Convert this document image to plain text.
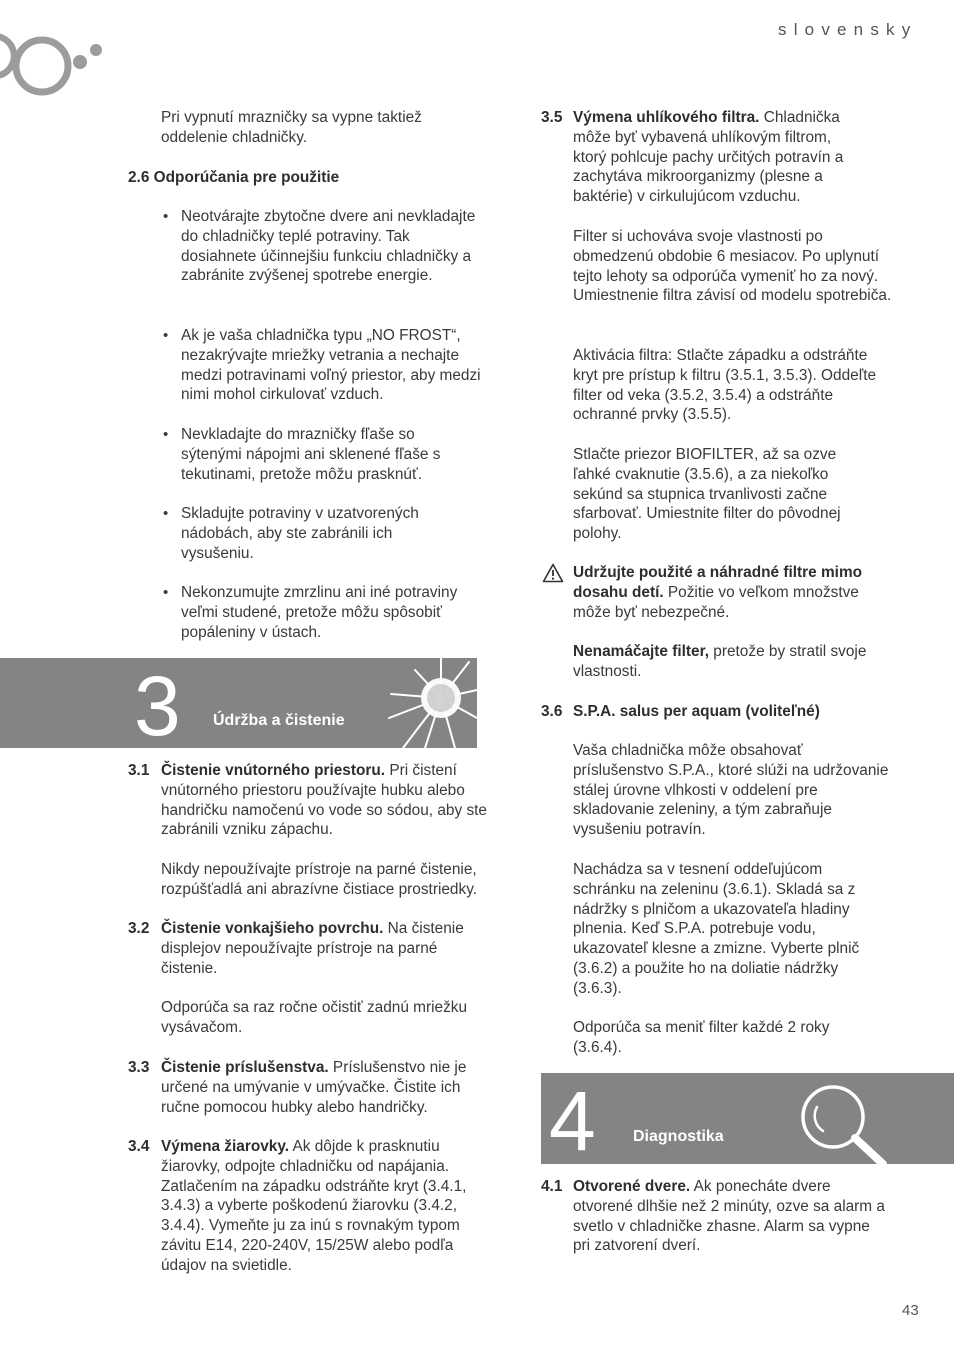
slovensky
Pri vypnutí mrazničky sa vypne taktiež oddelenie chladničky.
2.6 Odporúčania pre použitie
• Neotvárajte zbytočne dvere ani nevkladajte do chladničky teplé potraviny. Tak dosiahnete účinnejšiu funkciu chladničky a zabránite zvýšenej spotrebe energie.
• Ak je vaša chladnička typu „NO FROST“, nezakrývajte mriežky vetrania a nechajte medzi potravinami voľný priestor, aby medzi nimi mohol cirkulovať vzduch.
• Nevkladajte do mrazničky fľaše so sýtenými nápojmi ani sklenené fľaše s tekutinami, pretože môžu prasknúť.
• Skladujte potraviny v uzatvorených nádobách, aby ste zabránili ich vysušeniu.
• Nekonzumujte zmrzlinu ani iné potraviny veľmi studené, pretože môžu spôsobiť popáleniny v ústach.
3 Údržba a čistenie
3.1 Čistenie vnútorného priestoru. Pri čistení vnútorného priestoru používajte hubku alebo handričku namočenú vo vode so sódou, aby ste zabránili vzniku zápachu.
Nikdy nepoužívajte prístroje na parné čistenie, rozpúšťadlá ani abrazívne čistiace prostriedky.
3.2 Čistenie vonkajšieho povrchu. Na čistenie displejov nepoužívajte prístroje na parné čistenie.
Odporúča sa raz ročne očistiť zadnú mriežku vysávačom.
3.3 Čistenie príslušenstva. Príslušenstvo nie je určené na umývanie v umývačke. Čistite ich ručne pomocou hubky alebo handričky.
3.4 Výmena žiarovky. Ak dôjde k prasknutiu žiarovky, odpojte chladničku od napájania. Zatlačením na západku odstráňte kryt (3.4.1, 3.4.3) a vyberte poškodenú žiarovku (3.4.2, 3.4.4). Vymeňte ju za inú s rovnakým typom závitu E14, 220-240V, 15/25W alebo podľa údajov na svietidle.
3.5 Výmena uhlíkového filtra. Chladnička môže byť vybavená uhlíkovým filtrom, ktorý pohlcuje pachy určitých potravín a zachytáva mikroorganizmy (plesne a baktérie) v cirkulujúcom vzduchu.
Filter si uchováva svoje vlastnosti po obmedzenú obdobie 6 mesiacov. Po uplynutí tejto lehoty sa odporúča vymeniť ho za nový. Umiestnenie filtra závisí od modelu spotrebiča.
Aktivácia filtra: Stlačte západku a odstráňte kryt pre prístup k filtru (3.5.1, 3.5.3). Oddeľte filter od veka (3.5.2, 3.5.4) a odstráňte ochranné prvky (3.5.5).
Stlačte priezor BIOFILTER, až sa ozve ľahké cvaknutie (3.5.6), a za niekoľko sekúnd sa stupnica trvanlivosti začne sfarbovať. Umiestnite filter do pôvodnej polohy.
Udržujte použité a náhradné filtre mimo dosahu detí. Požitie vo veľkom množstve môže byť nebezpečné.
Nenamáčajte filter, pretože by stratil svoje vlastnosti.
3.6 S.P.A. salus per aquam (voliteľné)
Vaša chladnička môže obsahovať príslušenstvo S.P.A., ktoré slúži na udržovanie stálej úrovne vlhkosti v oddelení pre skladovanie zeleniny, a tým zabraňuje vysušeniu potravín.
Nachádza sa v tesnení oddeľujúcom schránku na zeleninu (3.6.1). Skladá sa z nádržky s plničom a ukazovateľa hladiny plnenia. Keď S.P.A. potrebuje vodu, ukazovateľ klesne a zmizne. Vyberte plnič (3.6.2) a použite ho na doliatie nádržky (3.6.3).
Odporúča sa meniť filter každé 2 roky (3.6.4).
4 Diagnostika
4.1 Otvorené dvere. Ak ponecháte dvere otvorené dlhšie než 2 minúty, ozve sa alarm a svetlo v chladničke zhasne. Alarm sa vypne pri zatvorení dverí.
43
